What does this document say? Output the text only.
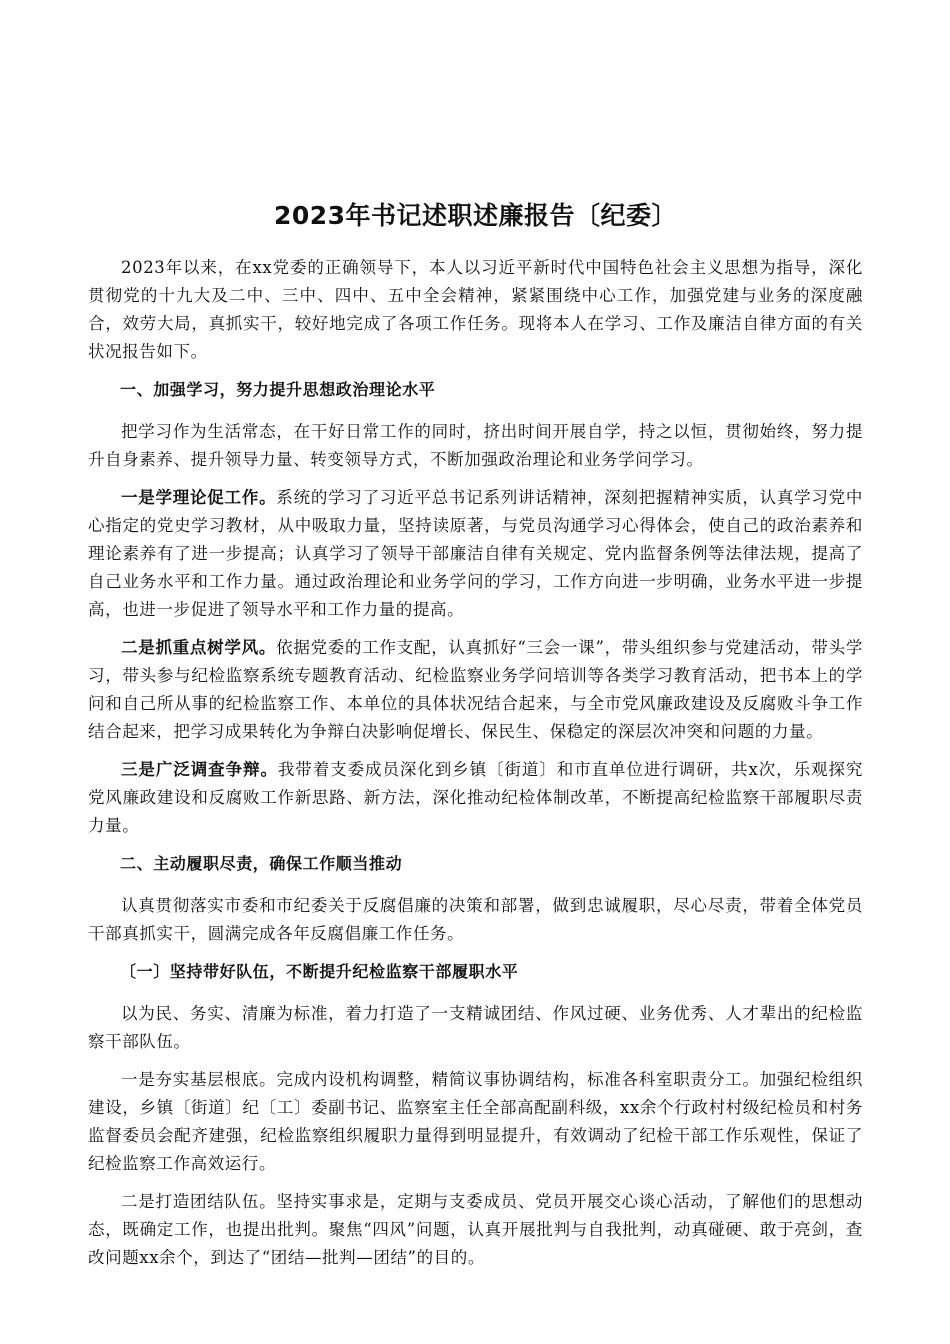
2023年书记述职述廉报告〔纪委〕

2023年以来，在xx党委的正确领导下，本人以习近平新时代中国特色社会主义思想为指导，深化贯彻党的十九大及二中、三中、四中、五中全会精神，紧紧围绕中心工作，加强党建与业务的深度融合，效劳大局，真抓实干，较好地完成了各项工作任务。现将本人在学习、工作及廉洁自律方面的有关状况报告如下。

一、加强学习，努力提升思想政治理论水平

把学习作为生活常态，在干好日常工作的同时，挤出时间开展自学，持之以恒，贯彻始终，努力提升自身素养、提升领导力量、转变领导方式，不断加强政治理论和业务学问学习。

一是学理论促工作。系统的学习了习近平总书记系列讲话精神，深刻把握精神实质，认真学习党中心指定的党史学习教材，从中吸取力量，坚持读原著，与党员沟通学习心得体会，使自己的政治素养和理论素养有了进一步提高；认真学习了领导干部廉洁自律有关规定、党内监督条例等法律法规，提高了自己业务水平和工作力量。通过政治理论和业务学问的学习，工作方向进一步明确，业务水平进一步提高，也进一步促进了领导水平和工作力量的提高。

二是抓重点树学风。依据党委的工作支配，认真抓好“三会一课”，带头组织参与党建活动，带头学习，带头参与纪检监察系统专题教育活动、纪检监察业务学问培训等各类学习教育活动，把书本上的学问和自己所从事的纪检监察工作、本单位的具体状况结合起来，与全市党风廉政建设及反腐败斗争工作结合起来，把学习成果转化为争辩白决影响促增长、保民生、保稳定的深层次冲突和问题的力量。

三是广泛调查争辩。我带着支委成员深化到乡镇〔街道〕和市直单位进行调研，共x次，乐观探究党风廉政建设和反腐败工作新思路、新方法，深化推动纪检体制改革，不断提高纪检监察干部履职尽责力量。

二、主动履职尽责，确保工作顺当推动

认真贯彻落实市委和市纪委关于反腐倡廉的决策和部署，做到忠诚履职，尽心尽责，带着全体党员干部真抓实干，圆满完成各年反腐倡廉工作任务。

〔一〕坚持带好队伍，不断提升纪检监察干部履职水平

以为民、务实、清廉为标准，着力打造了一支精诚团结、作风过硬、业务优秀、人才辈出的纪检监察干部队伍。

一是夯实基层根底。完成内设机构调整，精简议事协调结构，标准各科室职责分工。加强纪检组织建设，乡镇〔街道〕纪〔工〕委副书记、监察室主任全部高配副科级，xx余个行政村村级纪检员和村务监督委员会配齐建强，纪检监察组织履职力量得到明显提升，有效调动了纪检干部工作乐观性，保证了纪检监察工作高效运行。

二是打造团结队伍。坚持实事求是，定期与支委成员、党员开展交心谈心活动，了解他们的思想动态，既确定工作，也提出批判。聚焦“四风”问题，认真开展批判与自我批判，动真碰硬、敢于亮剑，查改问题xx余个，到达了“团结—批判—团结”的目的。
